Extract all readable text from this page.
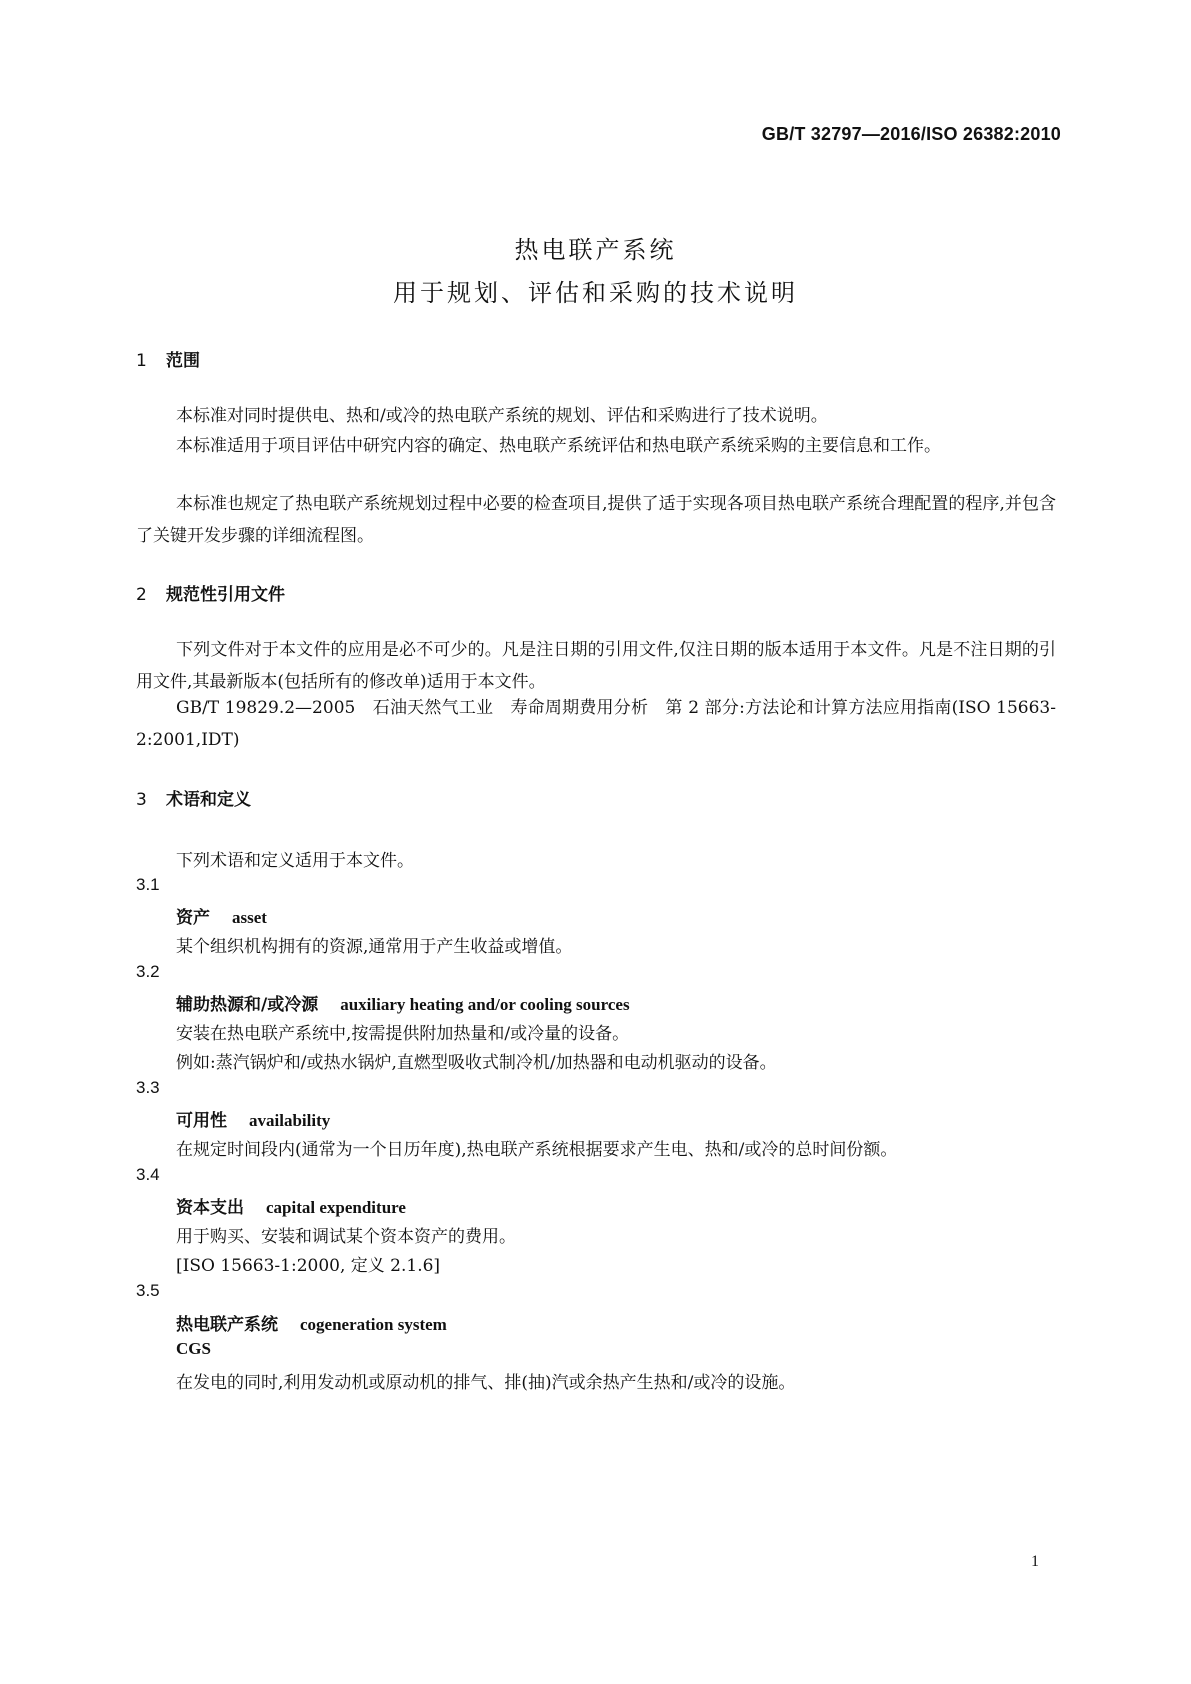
GB/T 32797—2016/ISO 26382:2010
热电联产系统
用于规划、评估和采购的技术说明
1 范围
本标准对同时提供电、热和/或冷的热电联产系统的规划、评估和采购进行了技术说明。
本标准适用于项目评估中研究内容的确定、热电联产系统评估和热电联产系统采购的主要信息和工作。
本标准也规定了热电联产系统规划过程中必要的检查项目,提供了适于实现各项目热电联产系统合理配置的程序,并包含了关键开发步骤的详细流程图。
2 规范性引用文件
下列文件对于本文件的应用是必不可少的。凡是注日期的引用文件,仅注日期的版本适用于本文件。凡是不注日期的引用文件,其最新版本(包括所有的修改单)适用于本文件。
GB/T 19829.2—2005　石油天然气工业　寿命周期费用分析　第 2 部分:方法论和计算方法应用指南(ISO 15663-2:2001,IDT)
3 术语和定义
下列术语和定义适用于本文件。
3.1
资产 asset
某个组织机构拥有的资源,通常用于产生收益或增值。
3.2
辅助热源和/或冷源 auxiliary heating and/or cooling sources
安装在热电联产系统中,按需提供附加热量和/或冷量的设备。
例如:蒸汽锅炉和/或热水锅炉,直燃型吸收式制冷机/加热器和电动机驱动的设备。
3.3
可用性 availability
在规定时间段内(通常为一个日历年度),热电联产系统根据要求产生电、热和/或冷的总时间份额。
3.4
资本支出 capital expenditure
用于购买、安装和调试某个资本资产的费用。
[ISO 15663-1:2000, 定义 2.1.6]
3.5
热电联产系统 cogeneration system
CGS
在发电的同时,利用发动机或原动机的排气、排(抽)汽或余热产生热和/或冷的设施。
1
